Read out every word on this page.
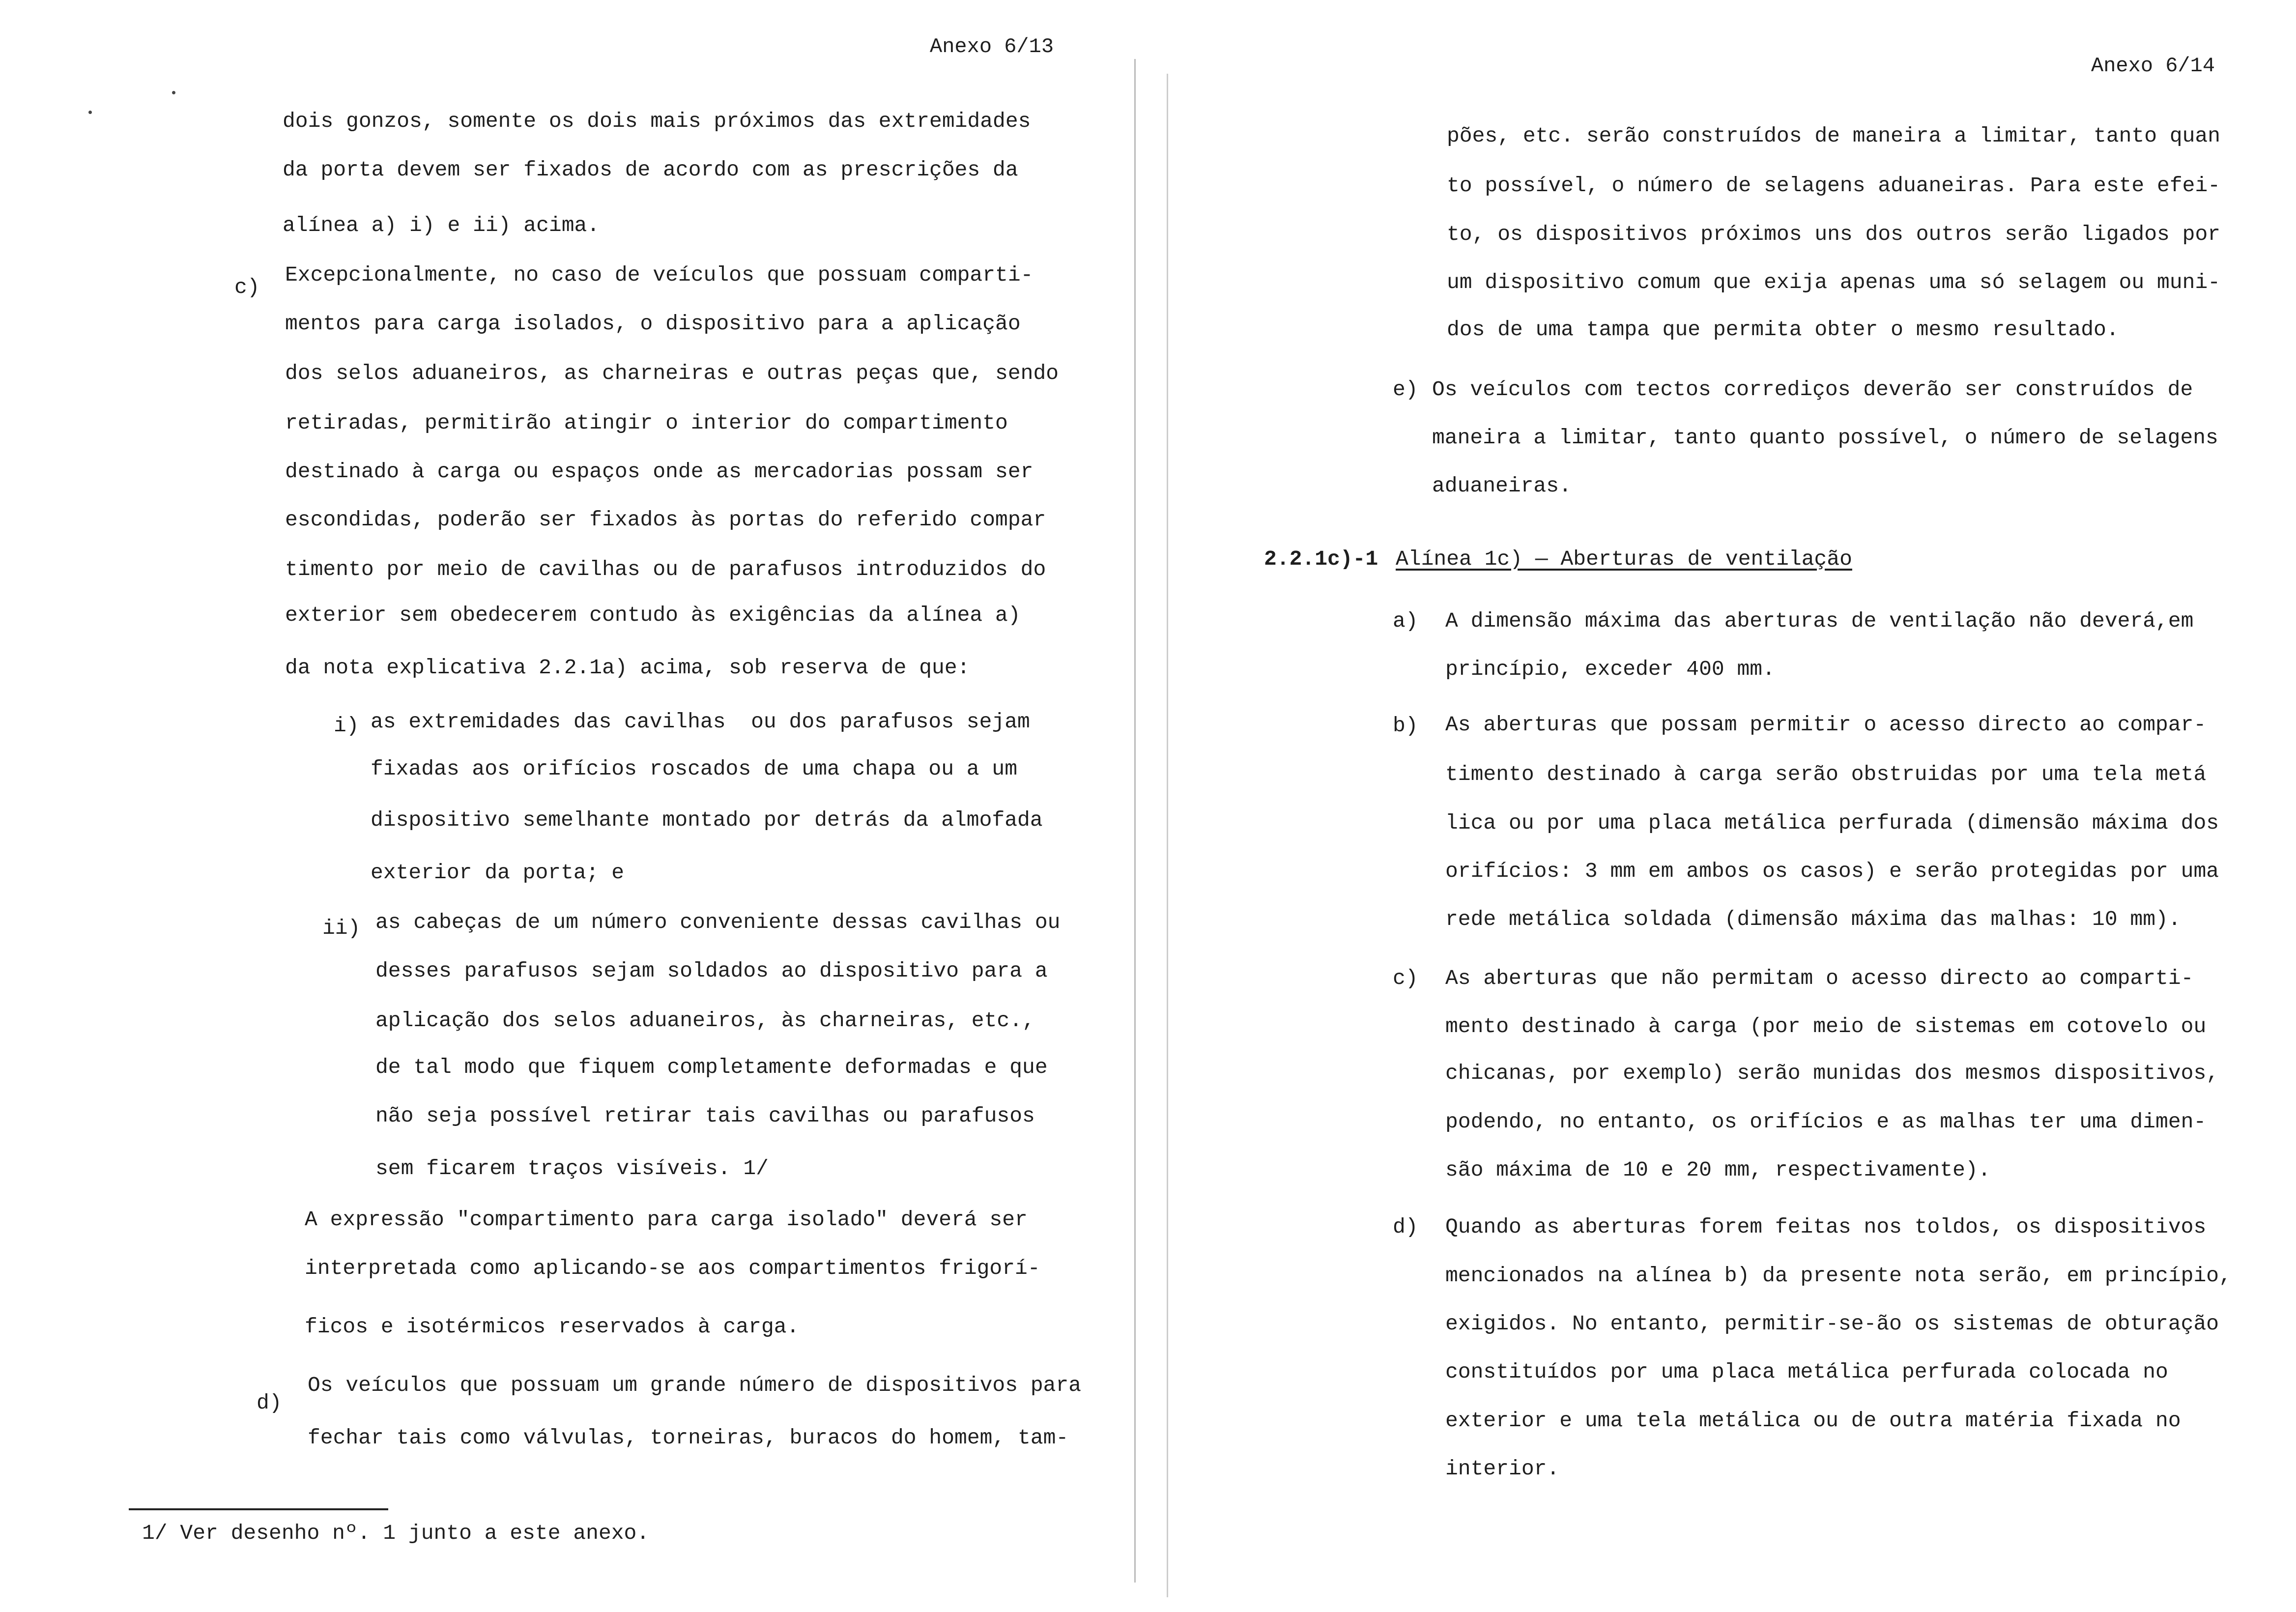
Anexo 6/13
dois gonzos, somente os dois mais próximos das extremidades
da porta devem ser fixados de acordo com as prescrições da
alínea a) i) e ii) acima.
c)
Excepcionalmente, no caso de veículos que possuam comparti-
mentos para carga isolados, o dispositivo para a aplicação
dos selos aduaneiros, as charneiras e outras peças que, sendo
retiradas, permitirão atingir o interior do compartimento
destinado à carga ou espaços onde as mercadorias possam ser
escondidas, poderão ser fixados às portas do referido compar
timento por meio de cavilhas ou de parafusos introduzidos do
exterior sem obedecerem contudo às exigências da alínea a)
da nota explicativa 2.2.1a) acima, sob reserva de que:
i) as extremidades das cavilhas  ou dos parafusos sejam
fixadas aos orifícios roscados de uma chapa ou a um
dispositivo semelhante montado por detrás da almofada
exterior da porta; e
ii) as cabeças de um número conveniente dessas cavilhas ou
desses parafusos sejam soldados ao dispositivo para a
aplicação dos selos aduaneiros, às charneiras, etc.,
de tal modo que fiquem completamente deformadas e que
não seja possível retirar tais cavilhas ou parafusos
sem ficarem traços visíveis. 1/
A expressão "compartimento para carga isolado" deverá ser
interpretada como aplicando-se aos compartimentos frigorí-
ficos e isotérmicos reservados à carga.
d)
Os veículos que possuam um grande número de dispositivos para
fechar tais como válvulas, torneiras, buracos do homem, tam-
1/ Ver desenho nº. 1 junto a este anexo.
Anexo 6/14
pões, etc. serão construídos de maneira a limitar, tanto quan
to possível, o número de selagens aduaneiras. Para este efei-
to, os dispositivos próximos uns dos outros serão ligados por
um dispositivo comum que exija apenas uma só selagem ou muni-
dos de uma tampa que permita obter o mesmo resultado.
e) Os veículos com tectos corrediços deverão ser construídos de
maneira a limitar, tanto quanto possível, o número de selagens
aduaneiras.
2.2.1c)-1 Alínea 1c) — Aberturas de ventilação
a) A dimensão máxima das aberturas de ventilação não deverá,em
princípio, exceder 400 mm.
b) As aberturas que possam permitir o acesso directo ao compar-
timento destinado à carga serão obstruidas por uma tela metá
lica ou por uma placa metálica perfurada (dimensão máxima dos
orifícios: 3 mm em ambos os casos) e serão protegidas por uma
rede metálica soldada (dimensão máxima das malhas: 10 mm).
c) As aberturas que não permitam o acesso directo ao comparti-
mento destinado à carga (por meio de sistemas em cotovelo ou
chicanas, por exemplo) serão munidas dos mesmos dispositivos,
podendo, no entanto, os orifícios e as malhas ter uma dimen-
são máxima de 10 e 20 mm, respectivamente).
d) Quando as aberturas forem feitas nos toldos, os dispositivos
mencionados na alínea b) da presente nota serão, em princípio,
exigidos. No entanto, permitir-se-ão os sistemas de obturação
constituídos por uma placa metálica perfurada colocada no
exterior e uma tela metálica ou de outra matéria fixada no
interior.
